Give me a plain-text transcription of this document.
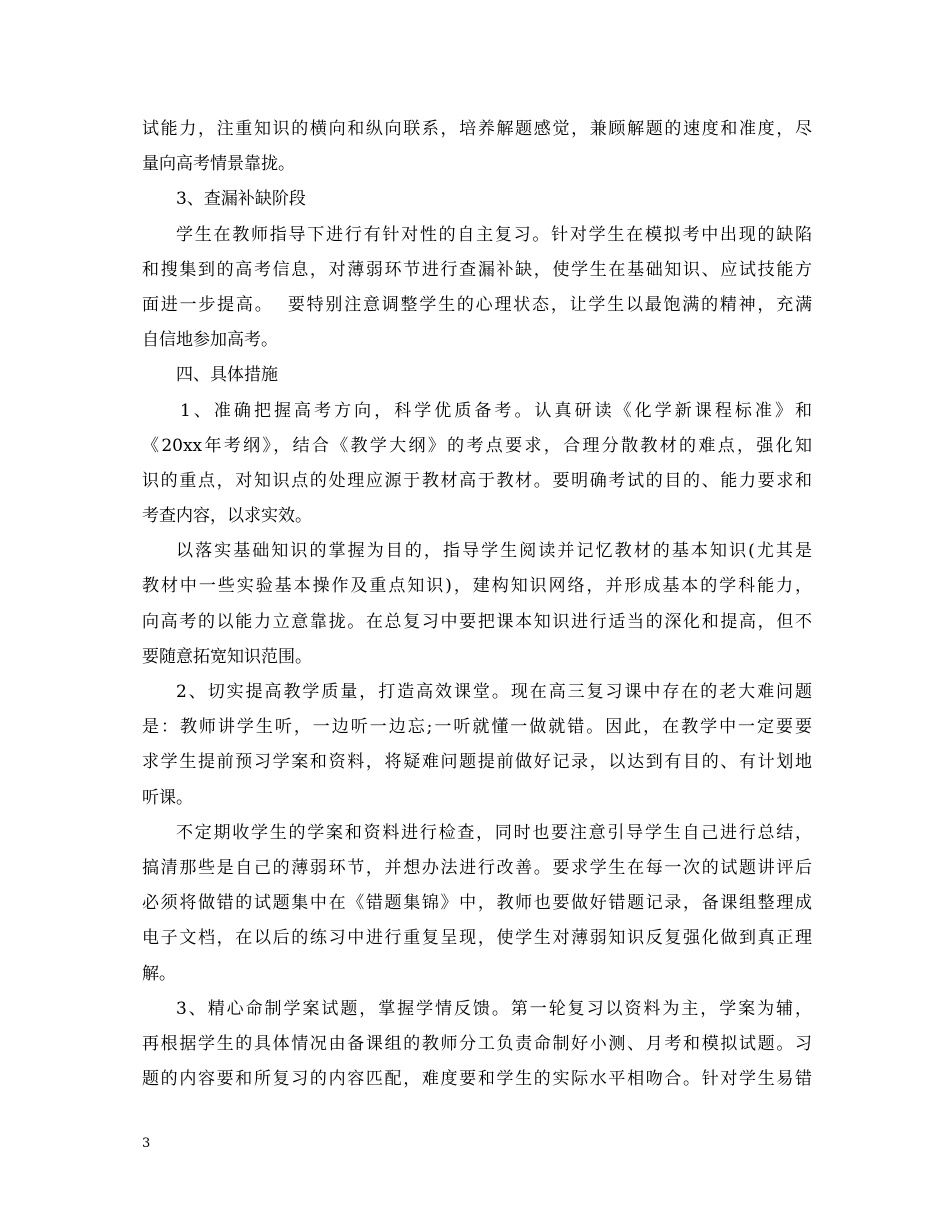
试能力，注重知识的横向和纵向联系，培养解题感觉，兼顾解题的速度和准度，尽
量向高考情景靠拢。
3、查漏补缺阶段
学生在教师指导下进行有针对性的自主复习。针对学生在模拟考中出现的缺陷
和搜集到的高考信息，对薄弱环节进行查漏补缺，使学生在基础知识、应试技能方
面进一步提高。  要特别注意调整学生的心理状态，让学生以最饱满的精神，充满
自信地参加高考。
四、具体措施
1、准确把握高考方向，科学优质备考。认真研读《化学新课程标准》和
《20xx年考纲》，结合《教学大纲》的考点要求，合理分散教材的难点，强化知
识的重点，对知识点的处理应源于教材高于教材。要明确考试的目的、能力要求和
考查内容，以求实效。
以落实基础知识的掌握为目的，指导学生阅读并记忆教材的基本知识(尤其是
教材中一些实验基本操作及重点知识)，建构知识网络，并形成基本的学科能力，
向高考的以能力立意靠拢。在总复习中要把课本知识进行适当的深化和提高，但不
要随意拓宽知识范围。
2、切实提高教学质量，打造高效课堂。现在高三复习课中存在的老大难问题
是：教师讲学生听，一边听一边忘;一听就懂一做就错。因此，在教学中一定要要
求学生提前预习学案和资料，将疑难问题提前做好记录，以达到有目的、有计划地
听课。
不定期收学生的学案和资料进行检查，同时也要注意引导学生自己进行总结，
搞清那些是自己的薄弱环节，并想办法进行改善。要求学生在每一次的试题讲评后
必须将做错的试题集中在《错题集锦》中，教师也要做好错题记录，备课组整理成
电子文档，在以后的练习中进行重复呈现，使学生对薄弱知识反复强化做到真正理
解。
3、精心命制学案试题，掌握学情反馈。第一轮复习以资料为主，学案为辅，
再根据学生的具体情况由备课组的教师分工负责命制好小测、月考和模拟试题。习
题的内容要和所复习的内容匹配，难度要和学生的实际水平相吻合。针对学生易错
3
